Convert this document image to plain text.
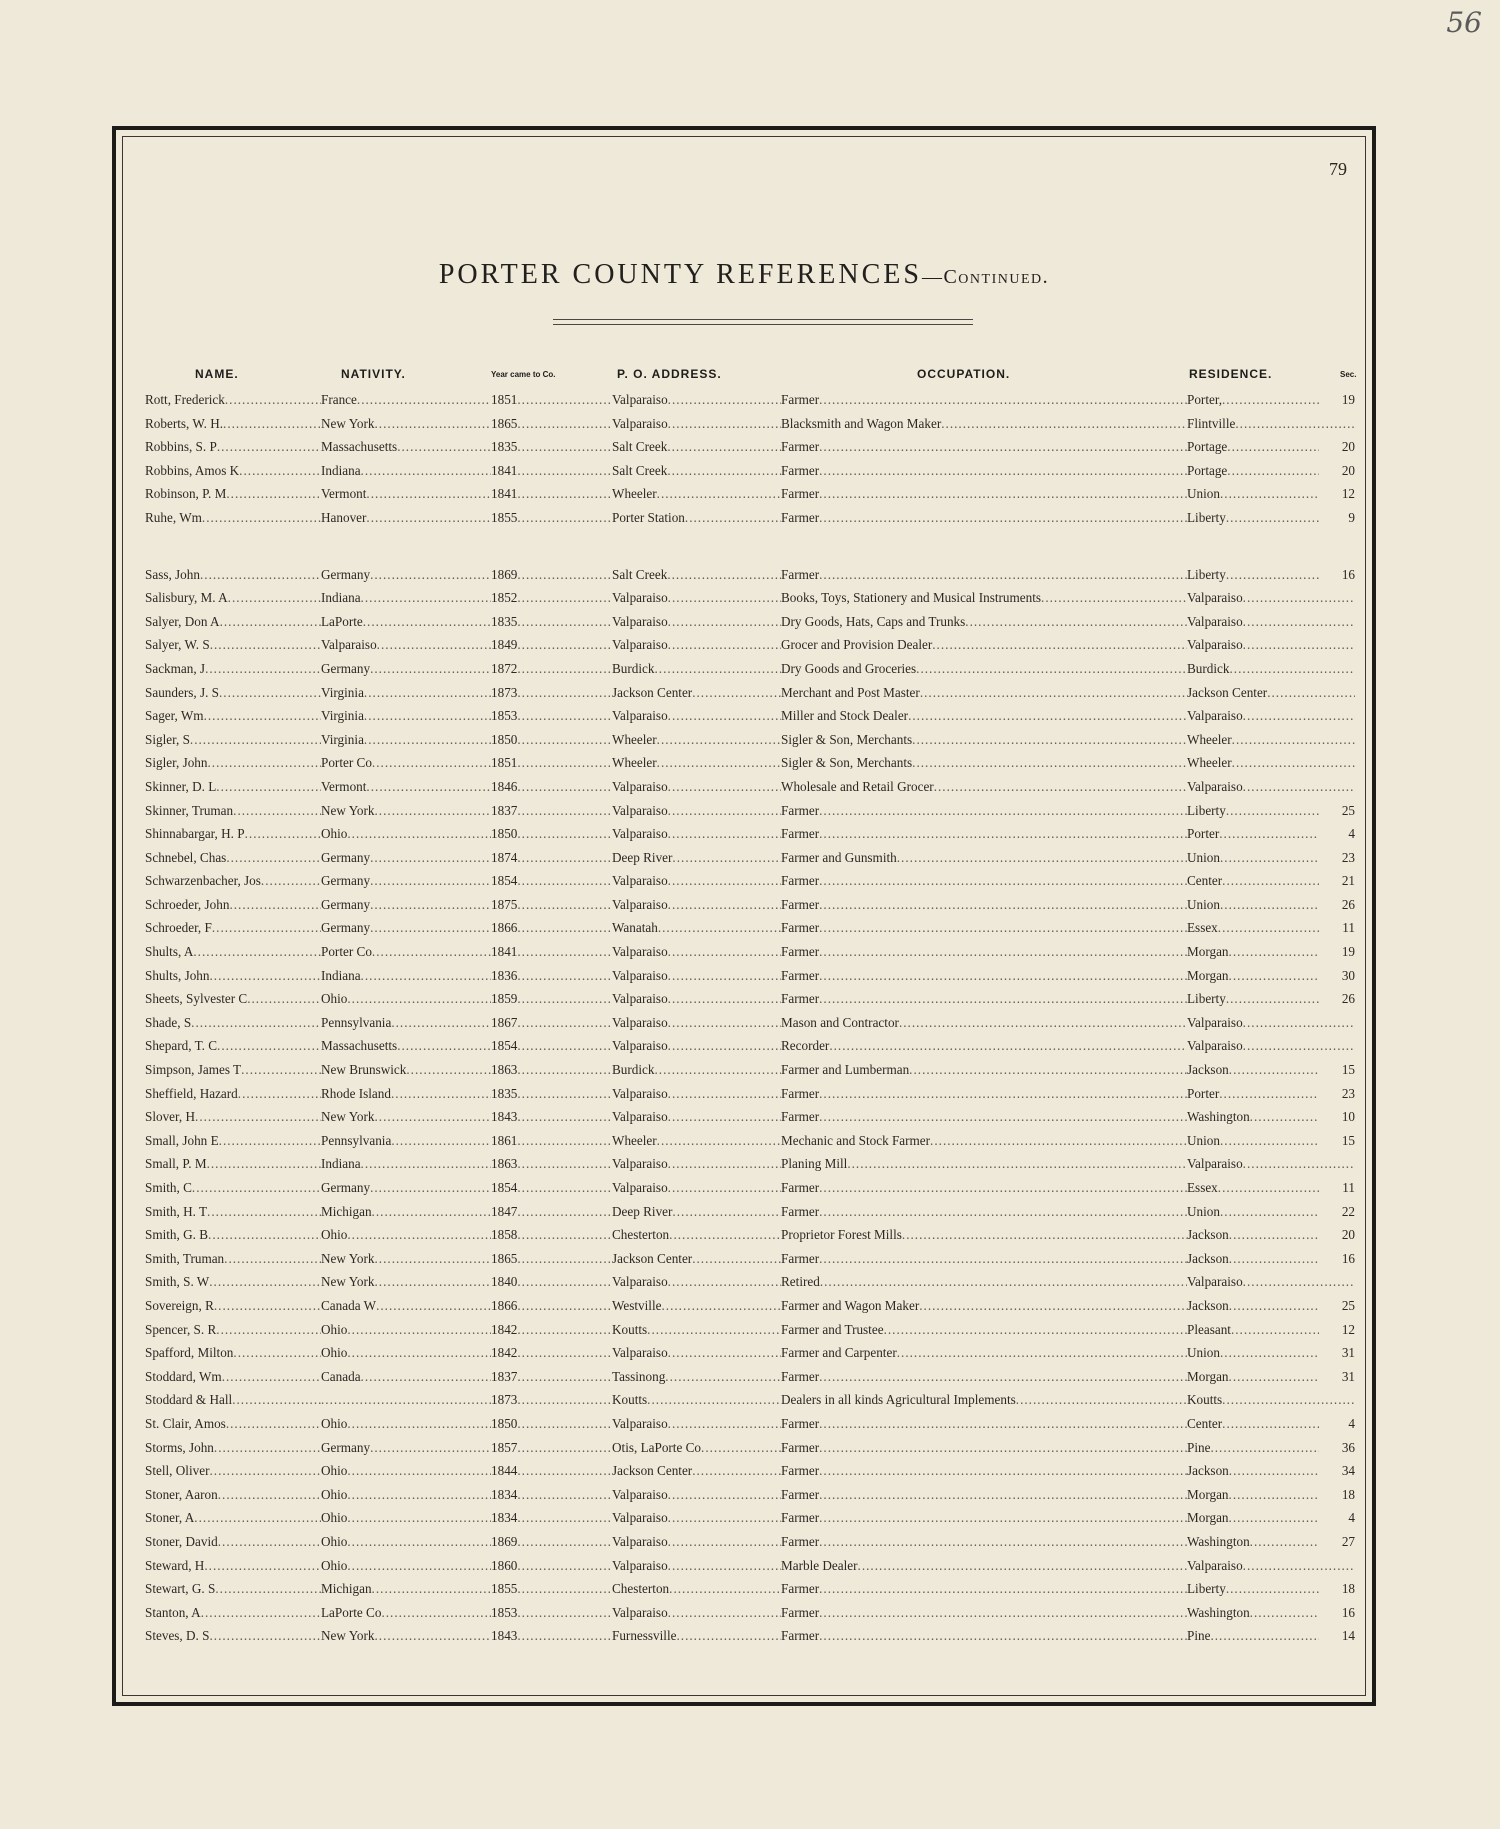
56
79
PORTER COUNTY REFERENCES—Continued.
NAME.	NATIVITY.	Year came to Co.	P. O. ADDRESS.	OCCUPATION.	RESIDENCE.	Sec.
Rott, Frederick .....	France .....	1851 .....	Valparaiso .....	Farmer .....	Porter, .....	19
Roberts, W. H. .....	New York .....	1865 .....	Valparaiso .....	Blacksmith and Wagon Maker .....	Flintville .....
Robbins, S. P .....	Massachusetts .....	1835 .....	Salt Creek .....	Farmer .....	Portage .....	20
Robbins, Amos K .....	Indiana .....	1841 .....	Salt Creek .....	Farmer .....	Portage .....	20
Robinson, P. M .....	Vermont .....	1841 .....	Wheeler .....	Farmer .....	Union .....	12
Ruhe, Wm .....	Hanover .....	1855 .....	Porter Station .....	Farmer .....	Liberty .....	9
Sass, John .....	Germany .....	1869 .....	Salt Creek .....	Farmer .....	Liberty .....	16
Salisbury, M. A .....	Indiana .....	1852 .....	Valparaiso .....	Books, Toys, Stationery and Musical Instruments .....	Valparaiso .....
Salyer, Don A .....	LaPorte .....	1835 .....	Valparaiso .....	Dry Goods, Hats, Caps and Trunks .....	Valparaiso .....
Salyer, W. S .....	Valparaiso .....	1849 .....	Valparaiso .....	Grocer and Provision Dealer .....	Valparaiso .....
Sackman, J .....	Germany .....	1872 .....	Burdick .....	Dry Goods and Groceries .....	Burdick .....
Saunders, J. S .....	Virginia .....	1873 .....	Jackson Center .....	Merchant and Post Master .....	Jackson Center .....
Sager, Wm .....	Virginia .....	1853 .....	Valparaiso .....	Miller and Stock Dealer .....	Valparaiso .....
Sigler, S .....	Virginia .....	1850 .....	Wheeler .....	Sigler & Son, Merchants .....	Wheeler .....
Sigler, John .....	Porter Co .....	1851 .....	Wheeler .....	Sigler & Son, Merchants .....	Wheeler .....
Skinner, D. L .....	Vermont .....	1846 .....	Valparaiso .....	Wholesale and Retail Grocer .....	Valparaiso .....
Skinner, Truman .....	New York .....	1837 .....	Valparaiso .....	Farmer .....	Liberty .....	25
Shinnabargar, H. P .....	Ohio .....	1850 .....	Valparaiso .....	Farmer .....	Porter .....	4
Schnebel, Chas .....	Germany .....	1874 .....	Deep River .....	Farmer and Gunsmith .....	Union .....	23
Schwarzenbacher, Jos .....	Germany .....	1854 .....	Valparaiso .....	Farmer .....	Center .....	21
Schroeder, John .....	Germany .....	1875 .....	Valparaiso .....	Farmer .....	Union .....	26
Schroeder, F .....	Germany .....	1866 .....	Wanatah .....	Farmer .....	Essex .....	11
Shults, A .....	Porter Co .....	1841 .....	Valparaiso .....	Farmer .....	Morgan .....	19
Shults, John .....	Indiana .....	1836 .....	Valparaiso .....	Farmer .....	Morgan .....	30
Sheets, Sylvester C .....	Ohio .....	1859 .....	Valparaiso .....	Farmer .....	Liberty .....	26
Shade, S .....	Pennsylvania .....	1867 .....	Valparaiso .....	Mason and Contractor .....	Valparaiso .....
Shepard, T. C .....	Massachusetts .....	1854 .....	Valparaiso .....	Recorder .....	Valparaiso .....
Simpson, James T .....	New Brunswick .....	1863 .....	Burdick .....	Farmer and Lumberman .....	Jackson .....	15
Sheffield, Hazard .....	Rhode Island .....	1835 .....	Valparaiso .....	Farmer .....	Porter .....	23
Slover, H .....	New York .....	1843 .....	Valparaiso .....	Farmer .....	Washington .....	10
Small, John E .....	Pennsylvania .....	1861 .....	Wheeler .....	Mechanic and Stock Farmer .....	Union .....	15
Small, P. M .....	Indiana .....	1863 .....	Valparaiso .....	Planing Mill .....	Valparaiso .....
Smith, C .....	Germany .....	1854 .....	Valparaiso .....	Farmer .....	Essex .....	11
Smith, H. T .....	Michigan .....	1847 .....	Deep River .....	Farmer .....	Union .....	22
Smith, G. B .....	Ohio .....	1858 .....	Chesterton .....	Proprietor Forest Mills .....	Jackson .....	20
Smith, Truman .....	New York .....	1865 .....	Jackson Center .....	Farmer .....	Jackson .....	16
Smith, S. W .....	New York .....	1840 .....	Valparaiso .....	Retired .....	Valparaiso .....
Sovereign, R .....	Canada W .....	1866 .....	Westville .....	Farmer and Wagon Maker .....	Jackson .....	25
Spencer, S. R .....	Ohio .....	1842 .....	Koutts .....	Farmer and Trustee .....	Pleasant .....	12
Spafford, Milton .....	Ohio .....	1842 .....	Valparaiso .....	Farmer and Carpenter .....	Union .....	31
Stoddard, Wm .....	Canada .....	1837 .....	Tassinong .....	Farmer .....	Morgan .....	31
Stoddard & Hall ..... .....	1873 .....	Koutts .....	Dealers in all kinds Agricultural Implements .....	Koutts .....
St. Clair, Amos .....	Ohio .....	1850 .....	Valparaiso .....	Farmer .....	Center .....	4
Storms, John .....	Germany .....	1857 .....	Otis, LaPorte Co .....	Farmer .....	Pine .....	36
Stell, Oliver .....	Ohio .....	1844 .....	Jackson Center .....	Farmer .....	Jackson .....	34
Stoner, Aaron .....	Ohio .....	1834 .....	Valparaiso .....	Farmer .....	Morgan .....	18
Stoner, A .....	Ohio .....	1834 .....	Valparaiso .....	Farmer .....	Morgan .....	4
Stoner, David .....	Ohio .....	1869 .....	Valparaiso .....	Farmer .....	Washington .....	27
Steward, H .....	Ohio .....	1860 .....	Valparaiso .....	Marble Dealer .....	Valparaiso .....
Stewart, G. S .....	Michigan .....	1855 .....	Chesterton .....	Farmer .....	Liberty .....	18
Stanton, A .....	LaPorte Co .....	1853 .....	Valparaiso .....	Farmer .....	Washington .....	16
Steves, D. S .....	New York .....	1843 .....	Furnessville .....	Farmer .....	Pine .....	14
